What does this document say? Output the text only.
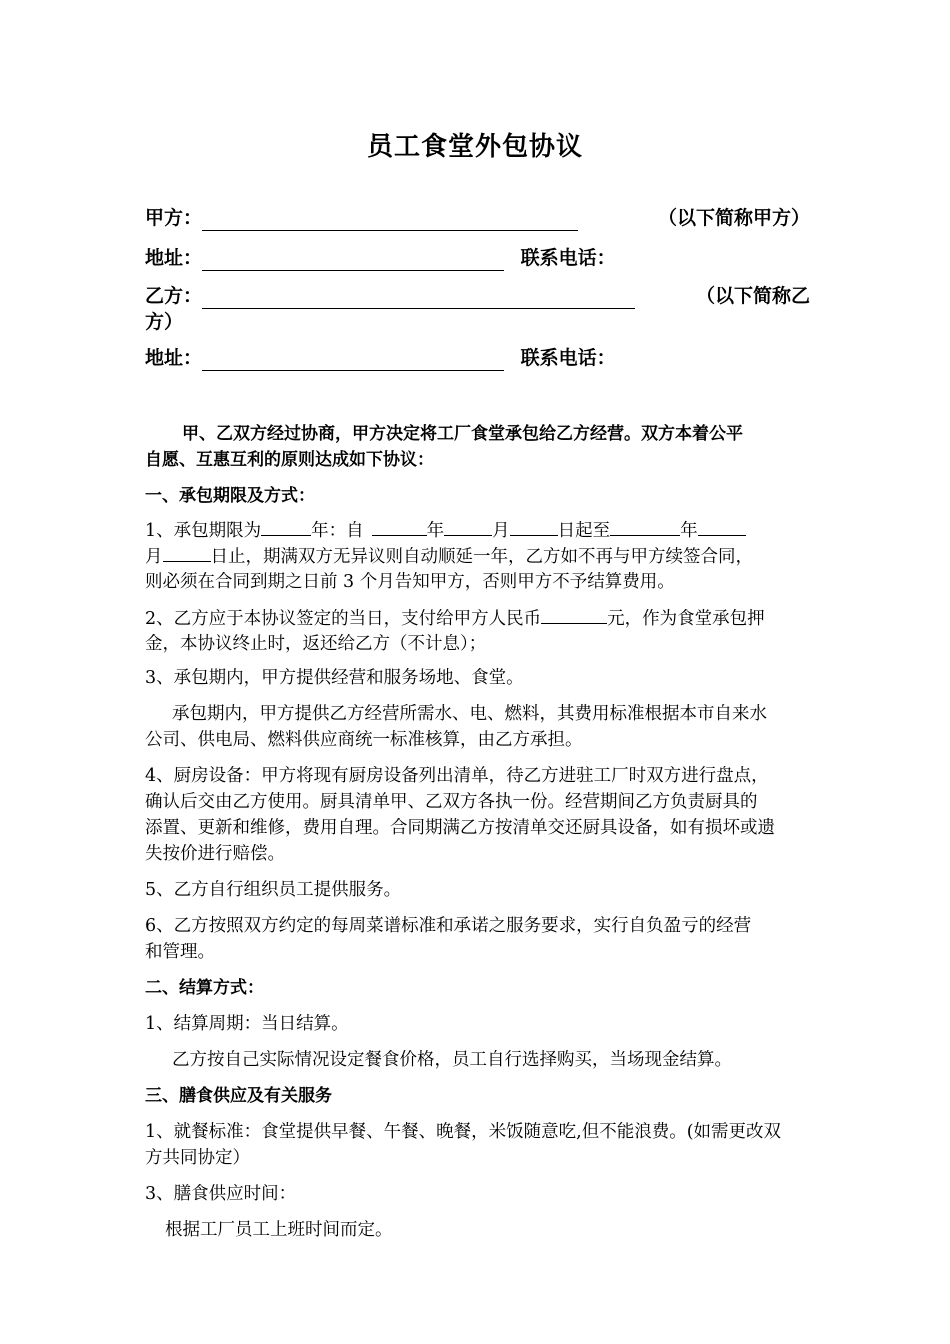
员工食堂外包协议
甲方：	（以下简称甲方）
地址：	联系电话：
乙方：	（以下简称乙
方）
地址：	联系电话：
甲、乙双方经过协商，甲方决定将工厂食堂承包给乙方经营。双方本着公平
自愿、互惠互利的原则达成如下协议：
一、承包期限及方式：
1、承包期限为	年：自	年	月	日起至	年
月	日止，期满双方无异议则自动顺延一年，乙方如不再与甲方续签合同，
则必须在合同到期之日前 3 个月告知甲方，否则甲方不予结算费用。
2、乙方应于本协议签定的当日，支付给甲方人民币	元，作为食堂承包押
金，本协议终止时，返还给乙方（不计息）；
3、承包期内，甲方提供经营和服务场地、食堂。
承包期内，甲方提供乙方经营所需水、电、燃料，其费用标准根据本市自来水
公司、供电局、燃料供应商统一标准核算，由乙方承担。
4、厨房设备：甲方将现有厨房设备列出清单，待乙方进驻工厂时双方进行盘点，
确认后交由乙方使用。厨具清单甲、乙双方各执一份。经营期间乙方负责厨具的
添置、更新和维修，费用自理。合同期满乙方按清单交还厨具设备，如有损坏或遗
失按价进行赔偿。
5、乙方自行组织员工提供服务。
6、乙方按照双方约定的每周菜谱标准和承诺之服务要求，实行自负盈亏的经营
和管理。
二、结算方式：
1、结算周期：当日结算。
乙方按自己实际情况设定餐食价格，员工自行选择购买，当场现金结算。
三、膳食供应及有关服务
1、就餐标准：食堂提供早餐、午餐、晚餐，米饭随意吃,但不能浪费。(如需更改双
方共同协定）
3、膳食供应时间：
根据工厂员工上班时间而定。
